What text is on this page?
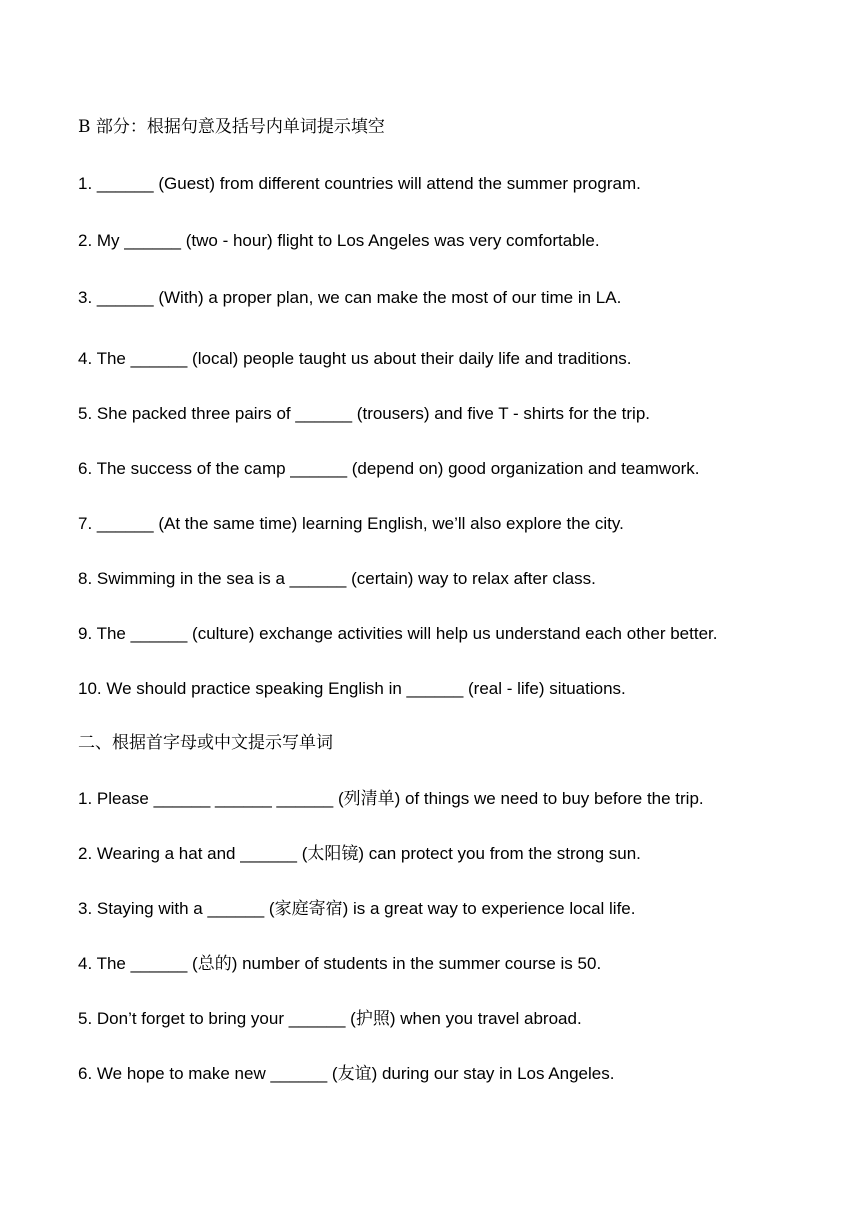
B 部分：根据句意及括号内单词提示填空
1. ______ (Guest) from different countries will attend the summer program.
2. My ______ (two - hour) flight to Los Angeles was very comfortable.
3. ______ (With) a proper plan, we can make the most of our time in LA.
4. The ______ (local) people taught us about their daily life and traditions.
5. She packed three pairs of ______ (trousers) and five T - shirts for the trip.
6. The success of the camp ______ (depend on) good organization and teamwork.
7. ______ (At the same time) learning English, we’ll also explore the city.
8. Swimming in the sea is a ______ (certain) way to relax after class.
9. The ______ (culture) exchange activities will help us understand each other better.
10. We should practice speaking English in ______ (real - life) situations.
二、根据首字母或中文提示写单词
1. Please ______ ______ ______ (列清单) of things we need to buy before the trip.
2. Wearing a hat and ______ (太阳镜) can protect you from the strong sun.
3. Staying with a ______ (家庭寄宿) is a great way to experience local life.
4. The ______ (总的) number of students in the summer course is 50.
5. Don’t forget to bring your ______ (护照) when you travel abroad.
6. We hope to make new ______ (友谊) during our stay in Los Angeles.
